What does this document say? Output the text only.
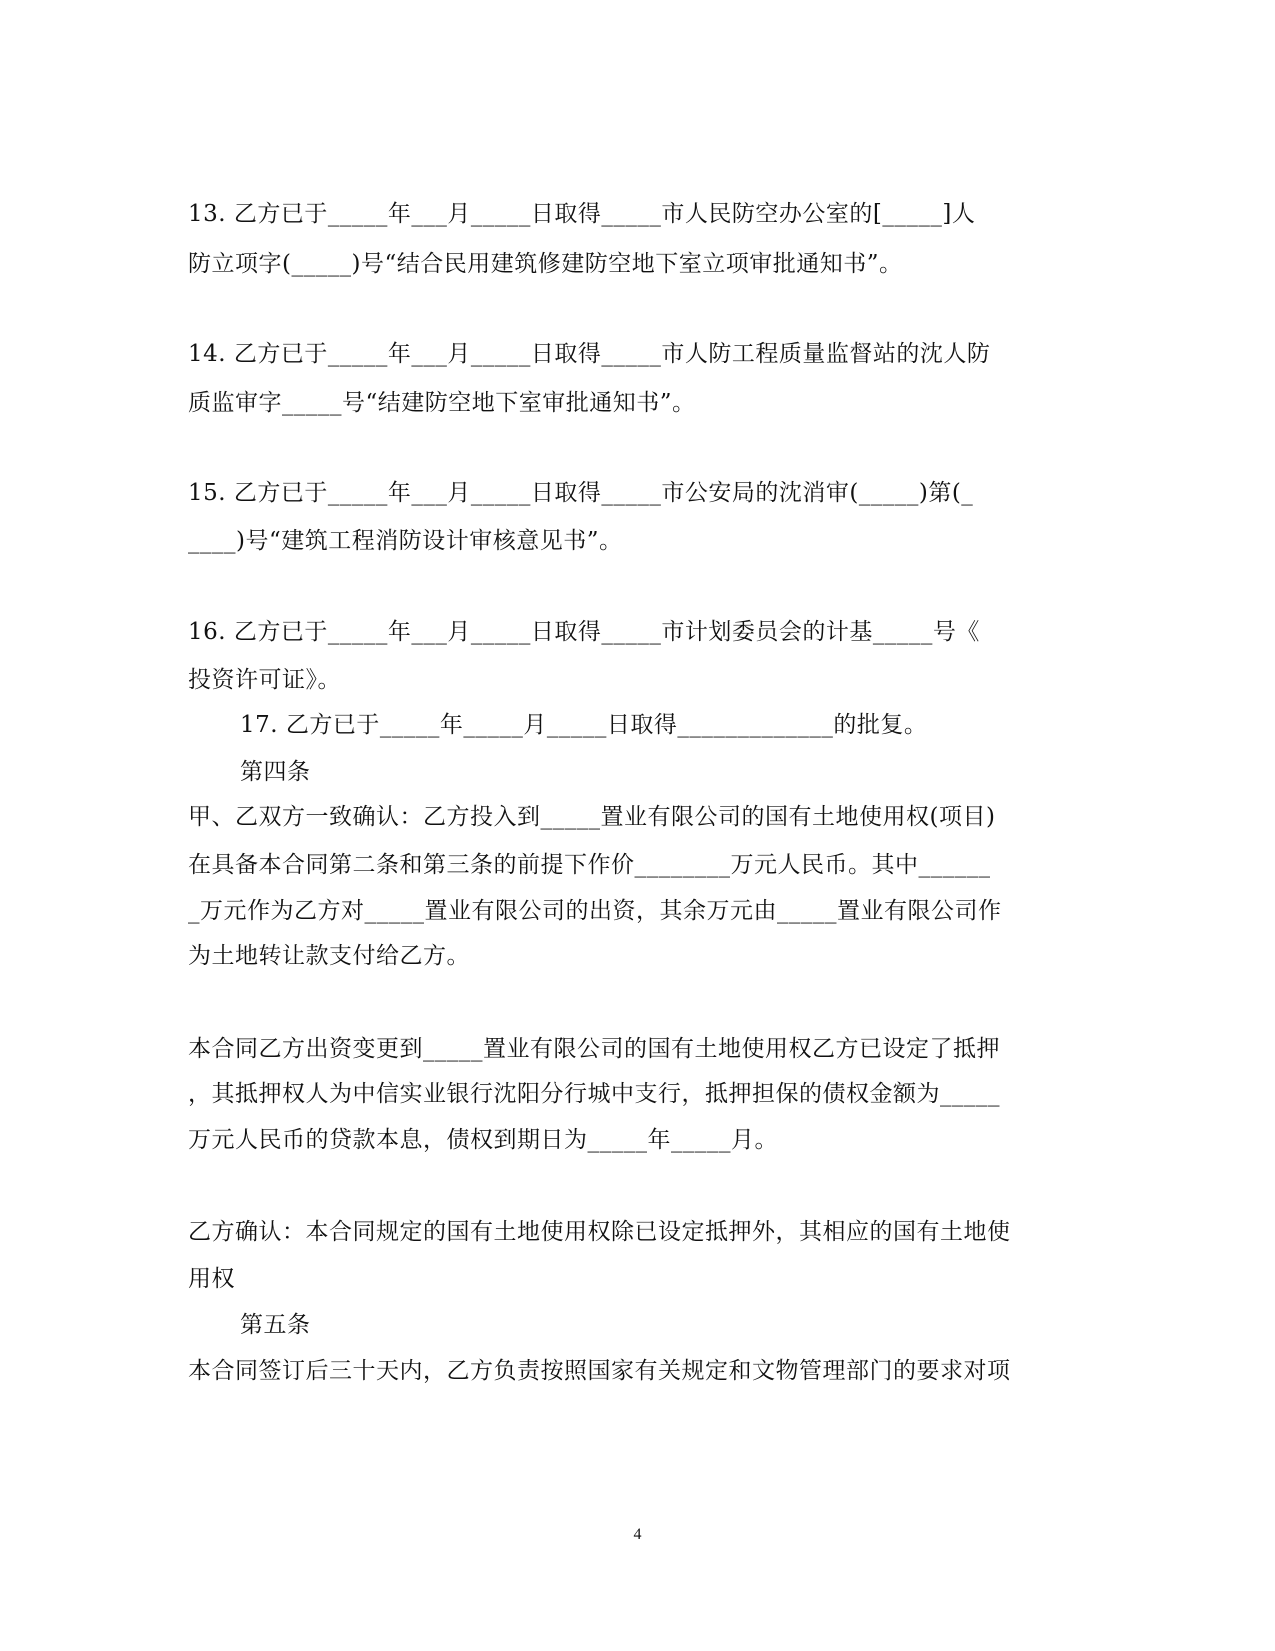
13. 乙方已于_____年___月_____日取得_____市人民防空办公室的[_____]人
防立项字(_____)号“结合民用建筑修建防空地下室立项审批通知书”。
14. 乙方已于_____年___月_____日取得_____市人防工程质量监督站的沈人防
质监审字_____号“结建防空地下室审批通知书”。
15. 乙方已于_____年___月_____日取得_____市公安局的沈消审(_____)第(_
____)号“建筑工程消防设计审核意见书”。
16. 乙方已于_____年___月_____日取得_____市计划委员会的计基_____号《
投资许可证》。
17. 乙方已于_____年_____月_____日取得_____________的批复。
第四条
甲、乙双方一致确认：乙方投入到_____置业有限公司的国有土地使用权(项目)
在具备本合同第二条和第三条的前提下作价________万元人民币。其中______
_万元作为乙方对_____置业有限公司的出资，其余万元由_____置业有限公司作
为土地转让款支付给乙方。
本合同乙方出资变更到_____置业有限公司的国有土地使用权乙方已设定了抵押
，其抵押权人为中信实业银行沈阳分行城中支行，抵押担保的债权金额为_____
万元人民币的贷款本息，债权到期日为_____年_____月。
乙方确认：本合同规定的国有土地使用权除已设定抵押外，其相应的国有土地使
用权
第五条
本合同签订后三十天内，乙方负责按照国家有关规定和文物管理部门的要求对项
4
